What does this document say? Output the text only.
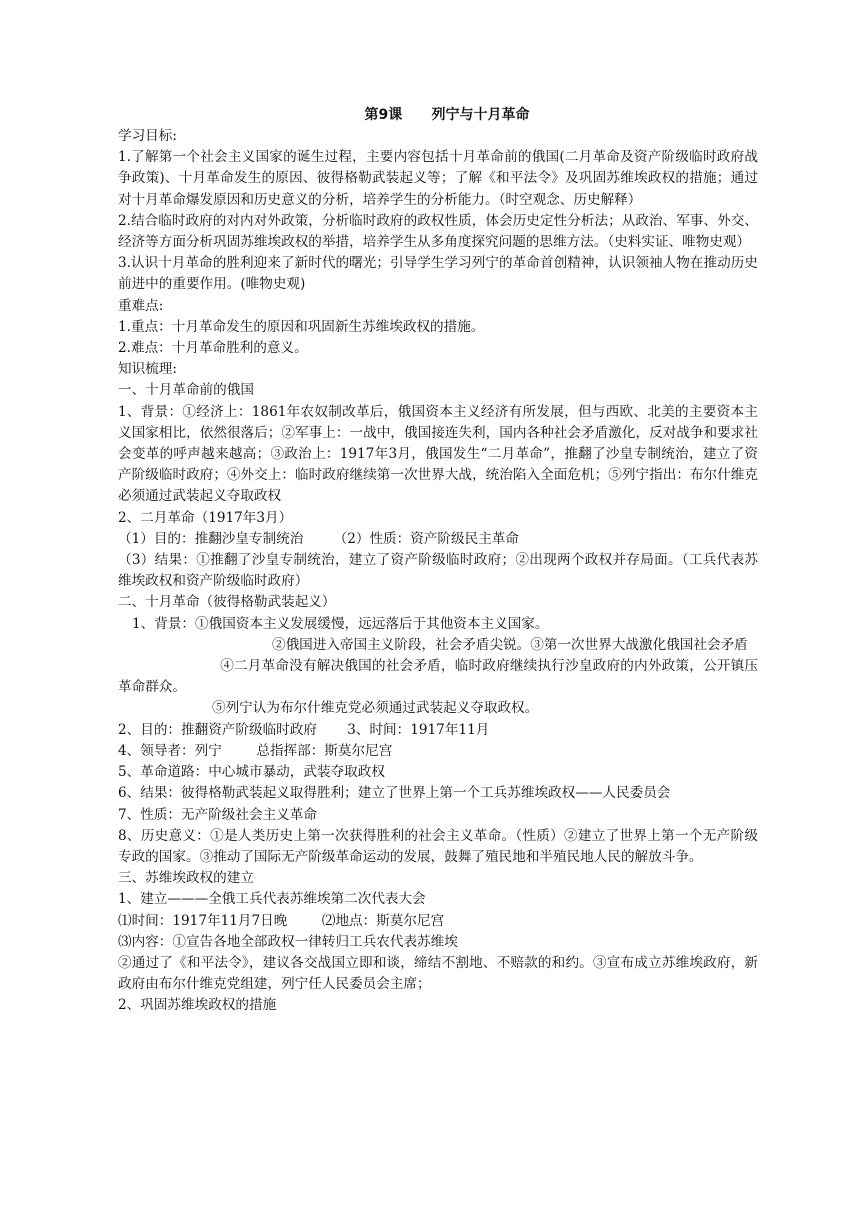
第9课      列宁与十月革命
学习目标:
1.了解第一个社会主义国家的诞生过程，主要内容包括十月革命前的俄国(二月革命及资产阶级临时政府战争政策)、十月革命发生的原因、彼得格勒武装起义等；了解《和平法令》及巩固苏维埃政权的措施；通过对十月革命爆发原因和历史意义的分析，培养学生的分析能力。（时空观念、历史解释）
2.结合临时政府的对内对外政策，分析临时政府的政权性质，体会历史定性分析法；从政治、军事、外交、经济等方面分析巩固苏维埃政权的举措，培养学生从多角度探究问题的思维方法。（史料实证、唯物史观）
3.认识十月革命的胜利迎来了新时代的曙光；引导学生学习列宁的革命首创精神，认识领袖人物在推动历史前进中的重要作用。(唯物史观)
重难点:
1.重点：十月革命发生的原因和巩固新生苏维埃政权的措施。
2.难点：十月革命胜利的意义。
知识梳理:
一、十月革命前的俄国
1、背景：①经济上：1861年农奴制改革后，俄国资本主义经济有所发展，但与西欧、北美的主要资本主义国家相比，依然很落后；②军事上：一战中，俄国接连失利，国内各种社会矛盾激化，反对战争和要求社会变革的呼声越来越高；③政治上：1917年3月，俄国发生“二月革命”，推翻了沙皇专制统治，建立了资产阶级临时政府；④外交上：临时政府继续第一次世界大战，统治陷入全面危机；⑤列宁指出：布尔什维克必须通过武装起义夺取政权
2、二月革命（1917年3月）
（1）目的：推翻沙皇专制统治       （2）性质：资产阶级民主革命
（3）结果：①推翻了沙皇专制统治，建立了资产阶级临时政府；②出现两个政权并存局面。（工兵代表苏维埃政权和资产阶级临时政府）
二、十月革命（彼得格勒武装起义）
1、背景：①俄国资本主义发展缓慢，远远落后于其他资本主义国家。
②俄国进入帝国主义阶段，社会矛盾尖锐。③第一次世界大战激化俄国社会矛盾
④二月革命没有解决俄国的社会矛盾，临时政府继续执行沙皇政府的内外政策，公开镇压革命群众。
⑤列宁认为布尔什维克党必须通过武装起义夺取政权。
2、目的：推翻资产阶级临时政府       3、时间：1917年11月
4、领导者：列宁        总指挥部：斯莫尔尼宫
5、革命道路：中心城市暴动，武装夺取政权
6、结果：彼得格勒武装起义取得胜利；建立了世界上第一个工兵苏维埃政权——人民委员会
7、性质：无产阶级社会主义革命
8、历史意义：①是人类历史上第一次获得胜利的社会主义革命。（性质）②建立了世界上第一个无产阶级专政的国家。③推动了国际无产阶级革命运动的发展，鼓舞了殖民地和半殖民地人民的解放斗争。
三、苏维埃政权的建立
1、建立———全俄工兵代表苏维埃第二次代表大会
⑴时间：1917年11月7日晚        ⑵地点：斯莫尔尼宫
⑶内容：①宣告各地全部政权一律转归工兵农代表苏维埃
②通过了《和平法令》，建议各交战国立即和谈，缔结不割地、不赔款的和约。③宣布成立苏维埃政府，新政府由布尔什维克党组建，列宁任人民委员会主席；
2、巩固苏维埃政权的措施
